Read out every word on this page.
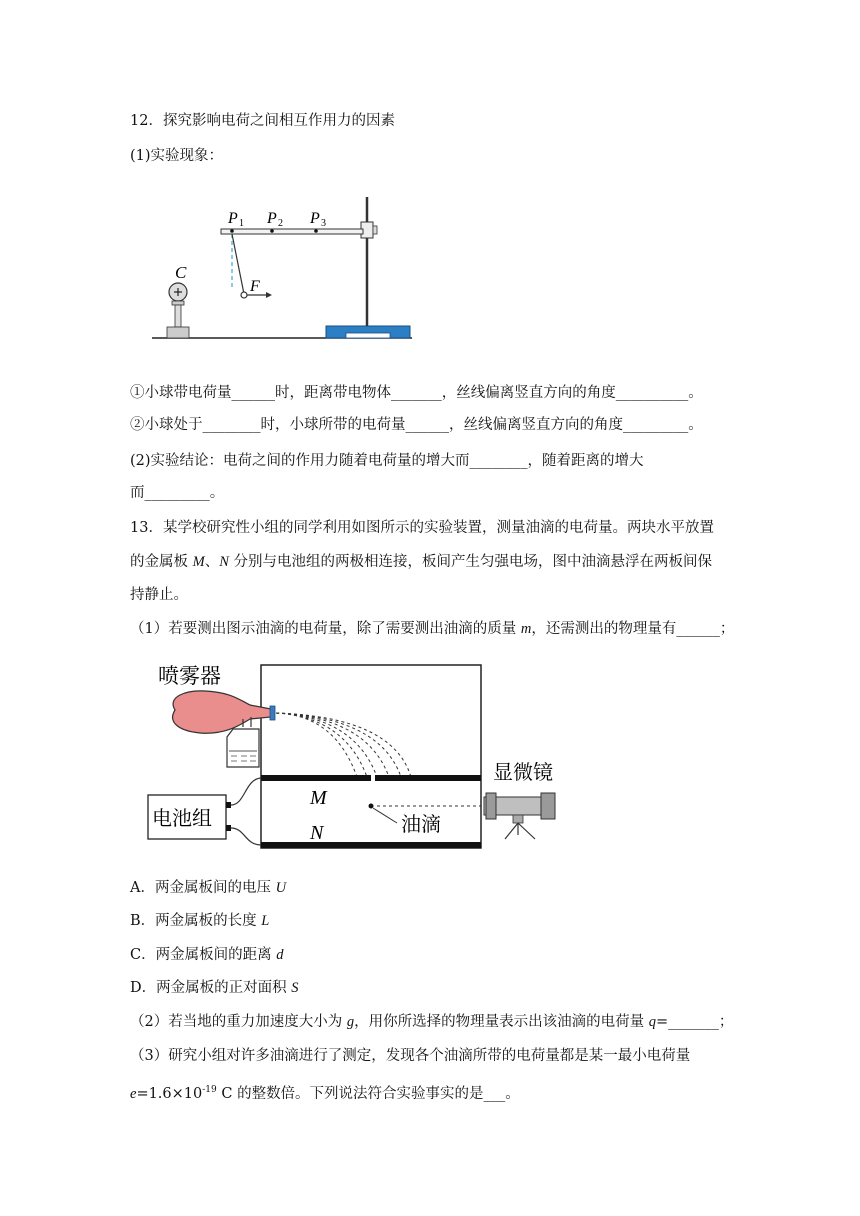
12．探究影响电荷之间相互作用力的因素
(1)实验现象：
P 1 P 2 P 3
F
C
①小球带电荷量______时，距离带电物体_______，丝线偏离竖直方向的角度__________。
②小球处于________时，小球所带的电荷量______，丝线偏离竖直方向的角度_________。
(2)实验结论：电荷之间的作用力随着电荷量的增大而________，随着距离的增大
而_________。
13．某学校研究性小组的同学利用如图所示的实验装置，测量油滴的电荷量。两块水平放置
的金属板 M、N 分别与电池组的两极相连接，板间产生匀强电场，图中油滴悬浮在两板间保
持静止。
（1）若要测出图示油滴的电荷量，除了需要测出油滴的质量 m，还需测出的物理量有______；
喷雾器
M
N	油滴
电池组
显微镜
A．两金属板间的电压 U
B．两金属板的长度 L
C．两金属板间的距离 d
D．两金属板的正对面积 S
（2）若当地的重力加速度大小为 g，用你所选择的物理量表示出该油滴的电荷量 q=_______；
（3）研究小组对许多油滴进行了测定，发现各个油滴所带的电荷量都是某一最小电荷量
$e=1.6\times 10^{-19}$ C 的整数倍。下列说法符合实验事实的是___。
